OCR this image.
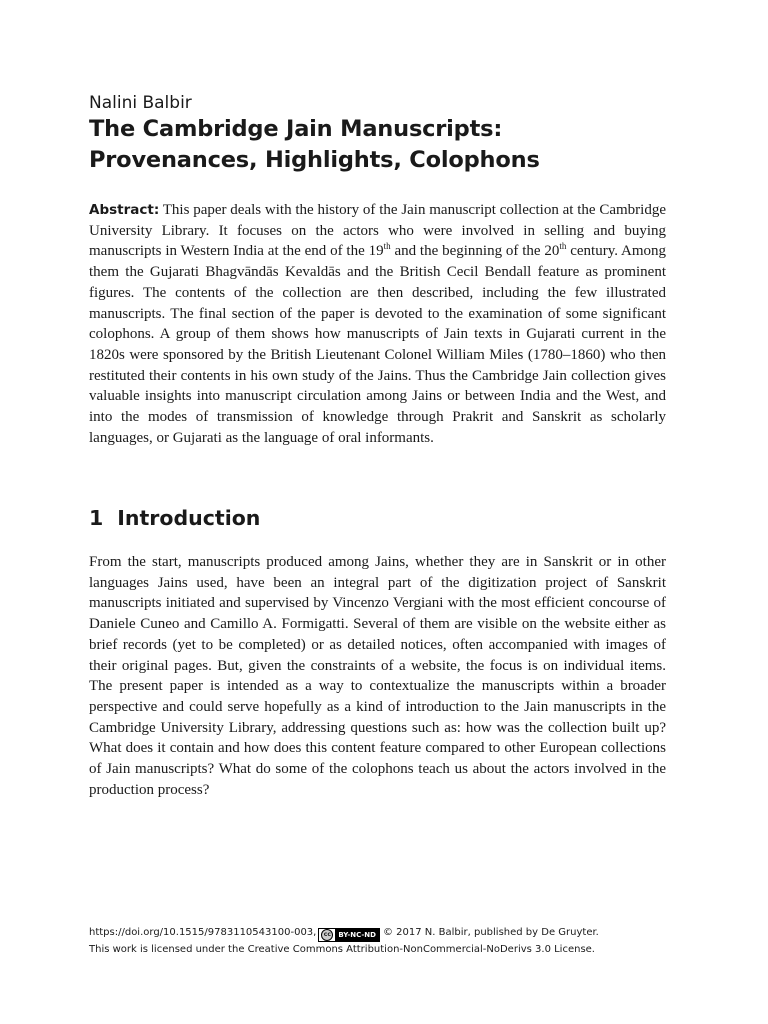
Nalini Balbir

The Cambridge Jain Manuscripts:
Provenances, Highlights, Colophons
Abstract: This paper deals with the history of the Jain manuscript collection at the Cambridge University Library. It focuses on the actors who were involved in selling and buying manuscripts in Western India at the end of the 19th and the beginning of the 20th century. Among them the Gujarati Bhagvāndās Kevaldās and the British Cecil Bendall feature as prominent figures. The contents of the collection are then described, including the few illustrated manuscripts. The final section of the paper is devoted to the examination of some significant colophons. A group of them shows how manuscripts of Jain texts in Gujarati current in the 1820s were sponsored by the British Lieutenant Colonel William Miles (1780–1860) who then restituted their contents in his own study of the Jains. Thus the Cambridge Jain collection gives valuable insights into manuscript circulation among Jains or between India and the West, and into the modes of transmission of knowledge through Prakrit and Sanskrit as scholarly languages, or Gujarati as the language of oral informants.
1 Introduction

From the start, manuscripts produced among Jains, whether they are in Sanskrit or in other languages Jains used, have been an integral part of the digitization project of Sanskrit manuscripts initiated and supervised by Vincenzo Vergiani with the most efficient concourse of Daniele Cuneo and Camillo A. Formigatti. Several of them are visible on the website either as brief records (yet to be completed) or as detailed notices, often accompanied with images of their original pages. But, given the constraints of a website, the focus is on individual items. The present paper is intended as a way to contextualize the manuscripts within a broader perspective and could serve hopefully as a kind of introduction to the Jain manuscripts in the Cambridge University Library, addressing questions such as: how was the collection built up? What does it contain and how does this content feature compared to other European collections of Jain manuscripts? What do some of the colophons teach us about the actors involved in the production process?

https://doi.org/10.1515/9783110543100-003, cc BY-NC-ND © 2017 N. Balbir, published by De Gruyter.
This work is licensed under the Creative Commons Attribution-NonCommercial-NoDerivs 3.0 License.
